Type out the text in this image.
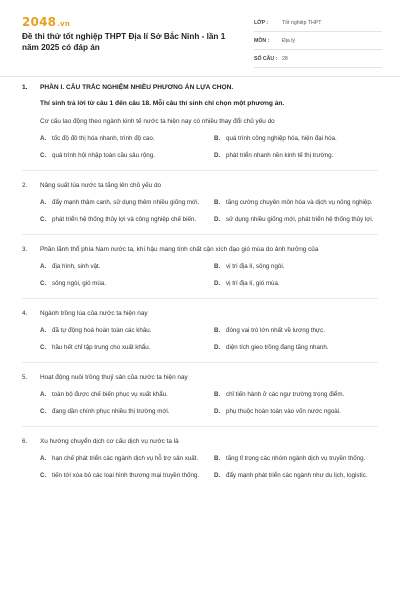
2048.vn
Đề thi thử tốt nghiệp THPT Địa lí Sở Bắc Ninh - lần 1 năm 2025 có đáp án
LỚP :	Tốt nghiệp THPT
MÔN :	Địa lý
SỐ CÂU : 28
1. PHẦN I. CÂU TRẮC NGHIỆM NHIỀU PHƯƠNG ÁN LỰA CHỌN.
Thí sinh trả lời từ câu 1 đến câu 18. Mỗi câu thí sinh chỉ chọn một phương án.
Cơ cấu lao động theo ngành kinh tế nước ta hiện nay có nhiều thay đổi chủ yếu do
A. tốc độ đô thị hóa nhanh, trình độ cao.	B. quá trình công nghiệp hóa, hiện đại hóa.
C. quá trình hội nhập toàn cầu sâu rộng.	D. phát triển nhanh nền kinh tế thị trường.
2.	Nâng suất lúa nước ta tăng lên chủ yếu do
A. đẩy mạnh thâm canh, sử dụng thêm nhiều giống mới. B. tăng cường chuyên môn hóa và dịch vụ nông nghiệp.
C. phát triển hệ thống thủy lợi và công nghiệp chế biến.	D. sử dụng nhiều giống mới, phát triển hệ thống thủy lợi.
3.	Phần lãnh thổ phía Nam nước ta, khí hậu mang tính chất cận xích đạo gió mùa do ảnh hưởng của
A. địa hình, sinh vật.	B. vị trí địa lí, sông ngòi.
C. sông ngòi, gió mùa.	D. vị trí địa lí, gió mùa.
4.	Ngành trồng lúa của nước ta hiện nay
A. đã tự động hoá hoàn toàn các khâu.	B. đóng vai trò lớn nhất về lương thực.
C. hầu hết chỉ tập trung cho xuất khẩu.	D. diện tích gieo trồng đang tăng nhanh.
5.	Hoạt động nuôi trồng thuỷ sản của nước ta hiện nay
A. toàn bộ được chế biến phục vụ xuất khẩu.	B. chỉ tiến hành ở các ngư trường trọng điểm.
C. đang dần chính phục nhiều thị trường mới.	D. phụ thuộc hoàn toàn vào vốn nước ngoài.
6.	Xu hướng chuyển dịch cơ cấu dịch vụ nước ta là
A. hạn chế phát triển các ngành dịch vụ hỗ trợ sản xuất.	B. tăng tỉ trọng các nhóm ngành dịch vụ truyền thống.
C. tiến tới xóa bỏ các loại hình thương mại truyền thống. D. đẩy mạnh phát triển các ngành như du lịch, logistic.
